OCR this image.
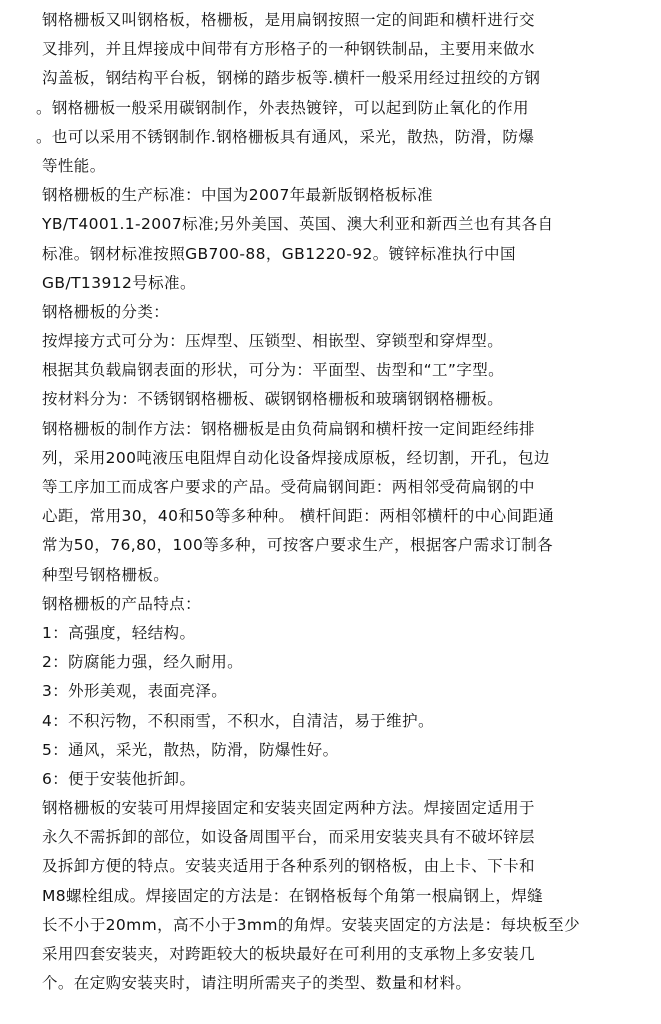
钢格栅板又叫钢格板，格栅板，是用扁钢按照一定的间距和横杆进行交
叉排列，并且焊接成中间带有方形格子的一种钢铁制品，主要用来做水
沟盖板，钢结构平台板，钢梯的踏步板等.横杆一般采用经过扭绞的方钢
。钢格栅板一般采用碳钢制作，外表热镀锌，可以起到防止氧化的作用
。也可以采用不锈钢制作.钢格栅板具有通风，采光，散热，防滑，防爆
等性能。
钢格栅板的生产标准：中国为2007年最新版钢格板标准
YB/T4001.1-2007标准;另外美国、英国、澳大利亚和新西兰也有其各自
标准。钢材标准按照GB700-88，GB1220-92。镀锌标准执行中国
GB/T13912号标准。
钢格栅板的分类：
按焊接方式可分为：压焊型、压锁型、相嵌型、穿锁型和穿焊型。
根据其负载扁钢表面的形状，可分为：平面型、齿型和“工”字型。
按材料分为：不锈钢钢格栅板、碳钢钢格栅板和玻璃钢钢格栅板。
钢格栅板的制作方法：钢格栅板是由负荷扁钢和横杆按一定间距经纬排
列，采用200吨液压电阻焊自动化设备焊接成原板，经切割，开孔，包边
等工序加工而成客户要求的产品。受荷扁钢间距：两相邻受荷扁钢的中
心距，常用30，40和50等多种种。 横杆间距：两相邻横杆的中心间距通
常为50，76,80，100等多种，可按客户要求生产，根据客户需求订制各
种型号钢格栅板。
钢格栅板的产品特点：
1：高强度，轻结构。
2：防腐能力强，经久耐用。
3：外形美观，表面亮泽。
4：不积污物，不积雨雪，不积水，自清洁，易于维护。
5：通风，采光，散热，防滑，防爆性好。
6：便于安装他折卸。
钢格栅板的安装可用焊接固定和安装夹固定两种方法。焊接固定适用于
永久不需拆卸的部位，如设备周围平台，而采用安装夹具有不破坏锌层
及拆卸方便的特点。安装夹适用于各种系列的钢格板，由上卡、下卡和
M8螺栓组成。焊接固定的方法是：在钢格板每个角第一根扁钢上，焊缝
长不小于20mm，高不小于3mm的角焊。安装夹固定的方法是：每块板至少
采用四套安装夹，对跨距较大的板块最好在可利用的支承物上多安装几
个。在定购安装夹时，请注明所需夹子的类型、数量和材料。
